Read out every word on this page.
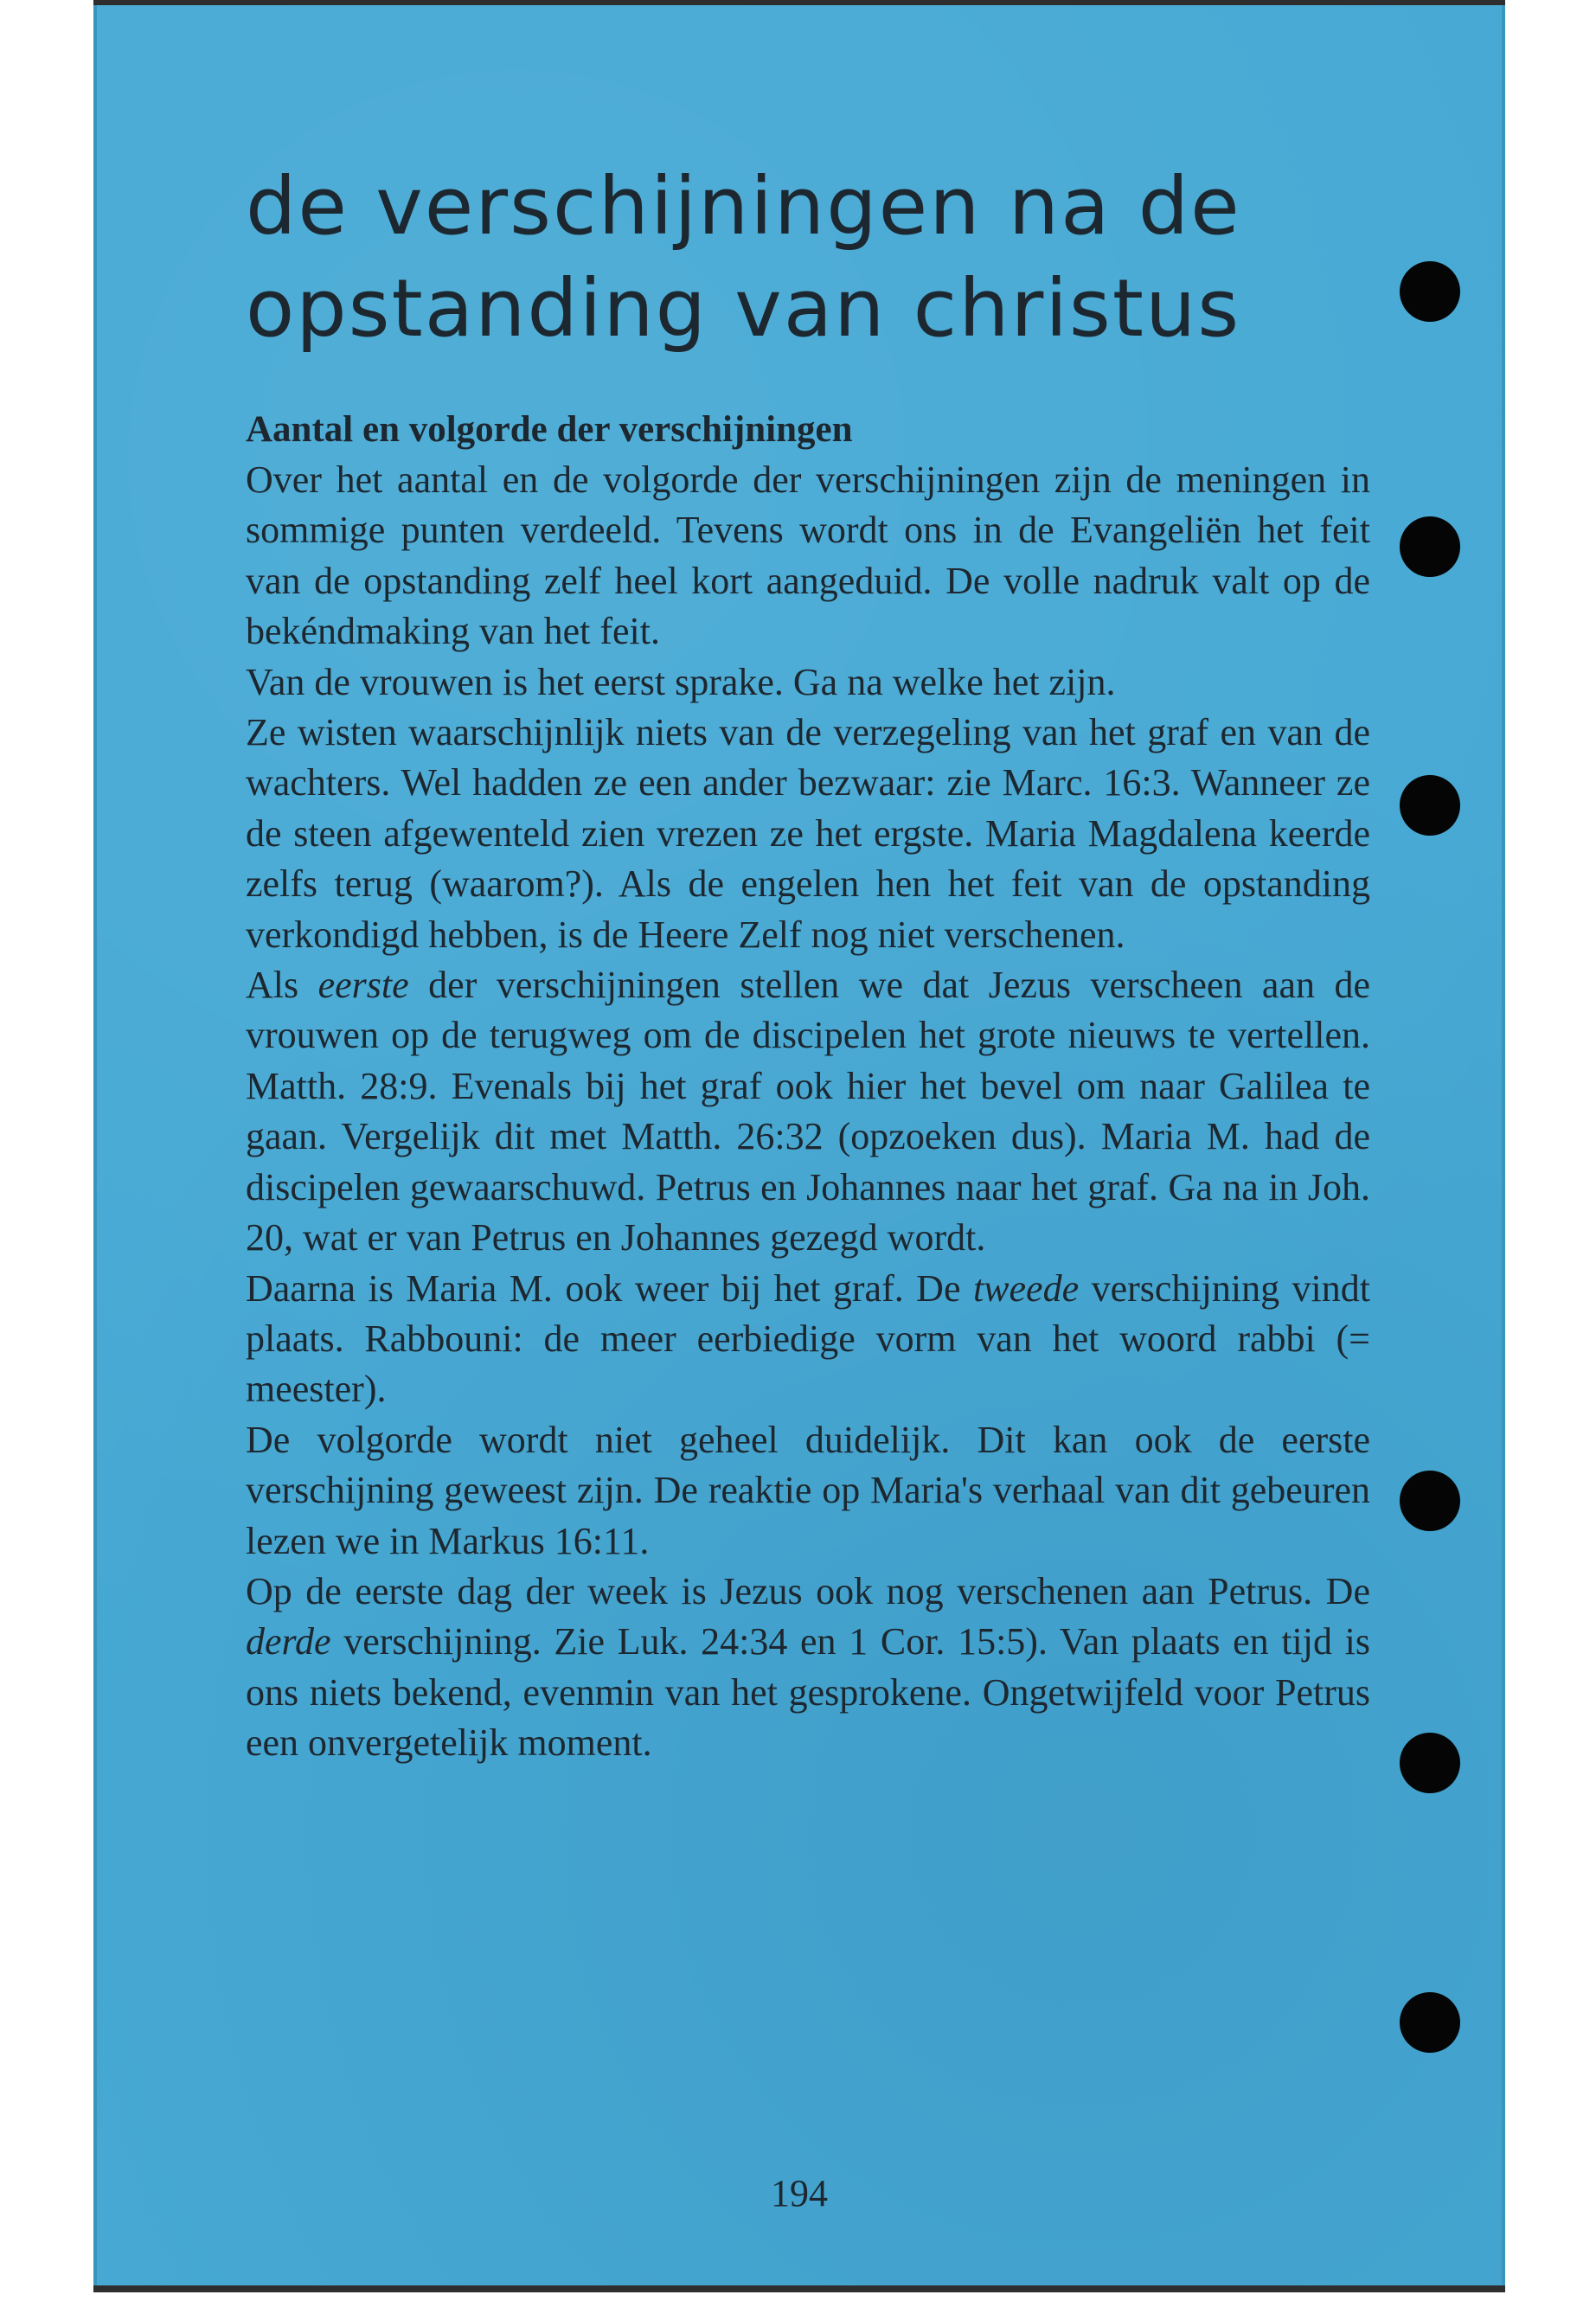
de verschijningen na de
opstanding van christus
Aantal en volgorde der verschijningen

Over het aantal en de volgorde der verschijningen zijn de meningen in sommige punten verdeeld. Tevens wordt ons in de Evangeliën het feit van de opstanding zelf heel kort aangeduid. De volle nadruk valt op de bekéndmaking van het feit.

Van de vrouwen is het eerst sprake. Ga na welke het zijn.

Ze wisten waarschijnlijk niets van de verzegeling van het graf en van de wachters. Wel hadden ze een ander bezwaar: zie Marc. 16:3. Wanneer ze de steen afgewenteld zien vrezen ze het ergste. Maria Magdalena keerde zelfs terug (waarom?). Als de engelen hen het feit van de opstanding verkondigd hebben, is de Heere Zelf nog niet verschenen.

Als eerste der verschijningen stellen we dat Jezus verscheen aan de vrouwen op de terugweg om de discipelen het grote nieuws te vertellen. Matth. 28:9. Evenals bij het graf ook hier het bevel om naar Galilea te gaan. Vergelijk dit met Matth. 26:32 (opzoeken dus). Maria M. had de discipelen gewaarschuwd. Petrus en Johannes naar het graf. Ga na in Joh. 20, wat er van Petrus en Johannes gezegd wordt.

Daarna is Maria M. ook weer bij het graf. De tweede verschijning vindt plaats. Rabbouni: de meer eerbiedige vorm van het woord rabbi (= meester).

De volgorde wordt niet geheel duidelijk. Dit kan ook de eerste verschijning geweest zijn. De reaktie op Maria's verhaal van dit gebeuren lezen we in Markus 16:11.

Op de eerste dag der week is Jezus ook nog verschenen aan Petrus. De derde verschijning. Zie Luk. 24:34 en 1 Cor. 15:5). Van plaats en tijd is ons niets bekend, evenmin van het gesprokene. Ongetwijfeld voor Petrus een onvergetelijk moment.

194
